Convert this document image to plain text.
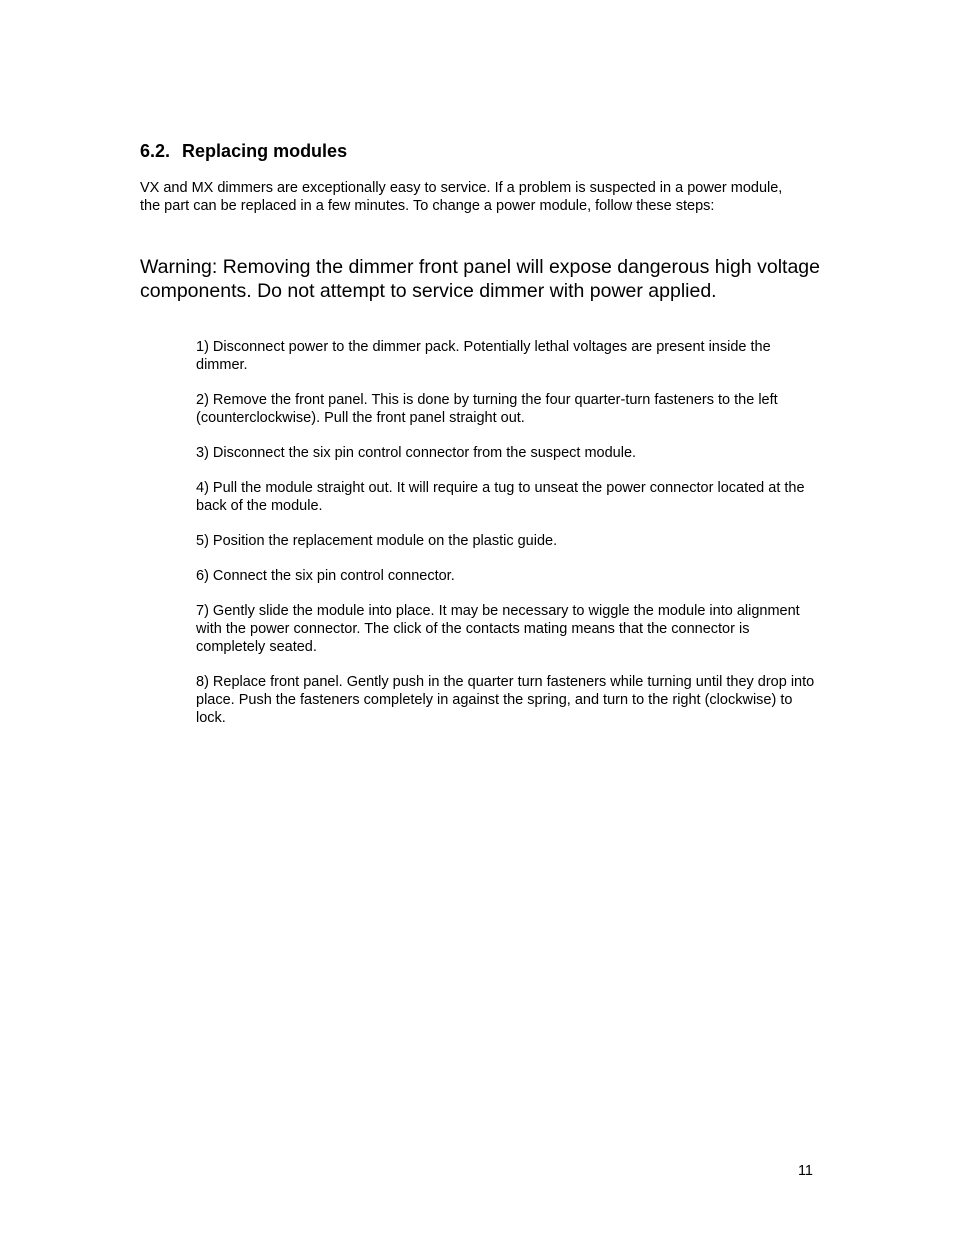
6.2. Replacing modules
VX and MX dimmers are exceptionally easy to service. If a problem is suspected in a power module, the part can be replaced in a few minutes. To change a power module, follow these steps:
Warning: Removing the dimmer front panel will expose dangerous high voltage components. Do not attempt to service dimmer with power applied.
1) Disconnect power to the dimmer pack. Potentially lethal voltages are present inside the dimmer.
2) Remove the front panel. This is done by turning the four quarter-turn fasteners to the left (counterclockwise). Pull the front panel straight out.
3) Disconnect the six pin control connector from the suspect module.
4) Pull the module straight out. It will require a tug to unseat the power connector located at the back of the module.
5) Position the replacement module on the plastic guide.
6) Connect the six pin control connector.
7) Gently slide the module into place. It may be necessary to wiggle the module into alignment with the power connector. The click of the contacts mating means that the connector is completely seated.
8) Replace front panel. Gently push in the quarter turn fasteners while turning until they drop into place. Push the fasteners completely in against the spring, and turn to the right (clockwise) to lock.
11
